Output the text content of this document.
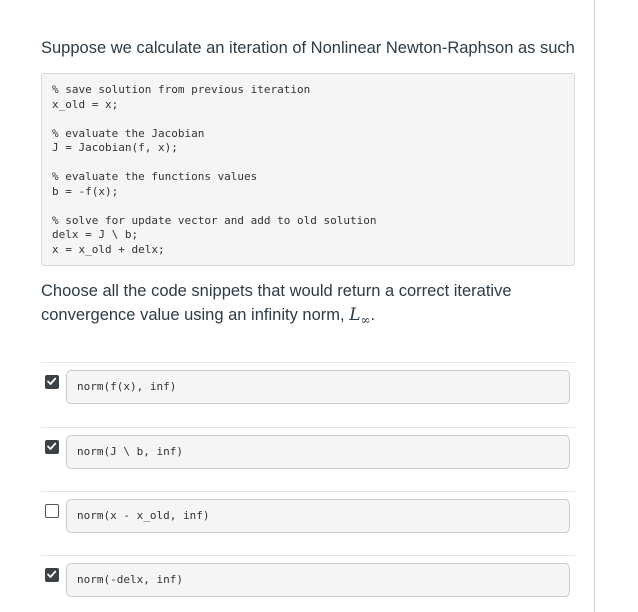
Suppose we calculate an iteration of Nonlinear Newton-Raphson as such
% save solution from previous iteration
x_old = x;
% evaluate the Jacobian
J = Jacobian(f, x);
% evaluate the functions values
b = -f(x);
% solve for update vector and add to old solution
delx = J \ b;
x = x_old + delx;
Choose all the code snippets that would return a correct iterative convergence value using an infinity norm, $L_\infty$.
norm(f(x), inf)
norm(J \ b, inf)
norm(x - x_old, inf)
norm(-delx, inf)
